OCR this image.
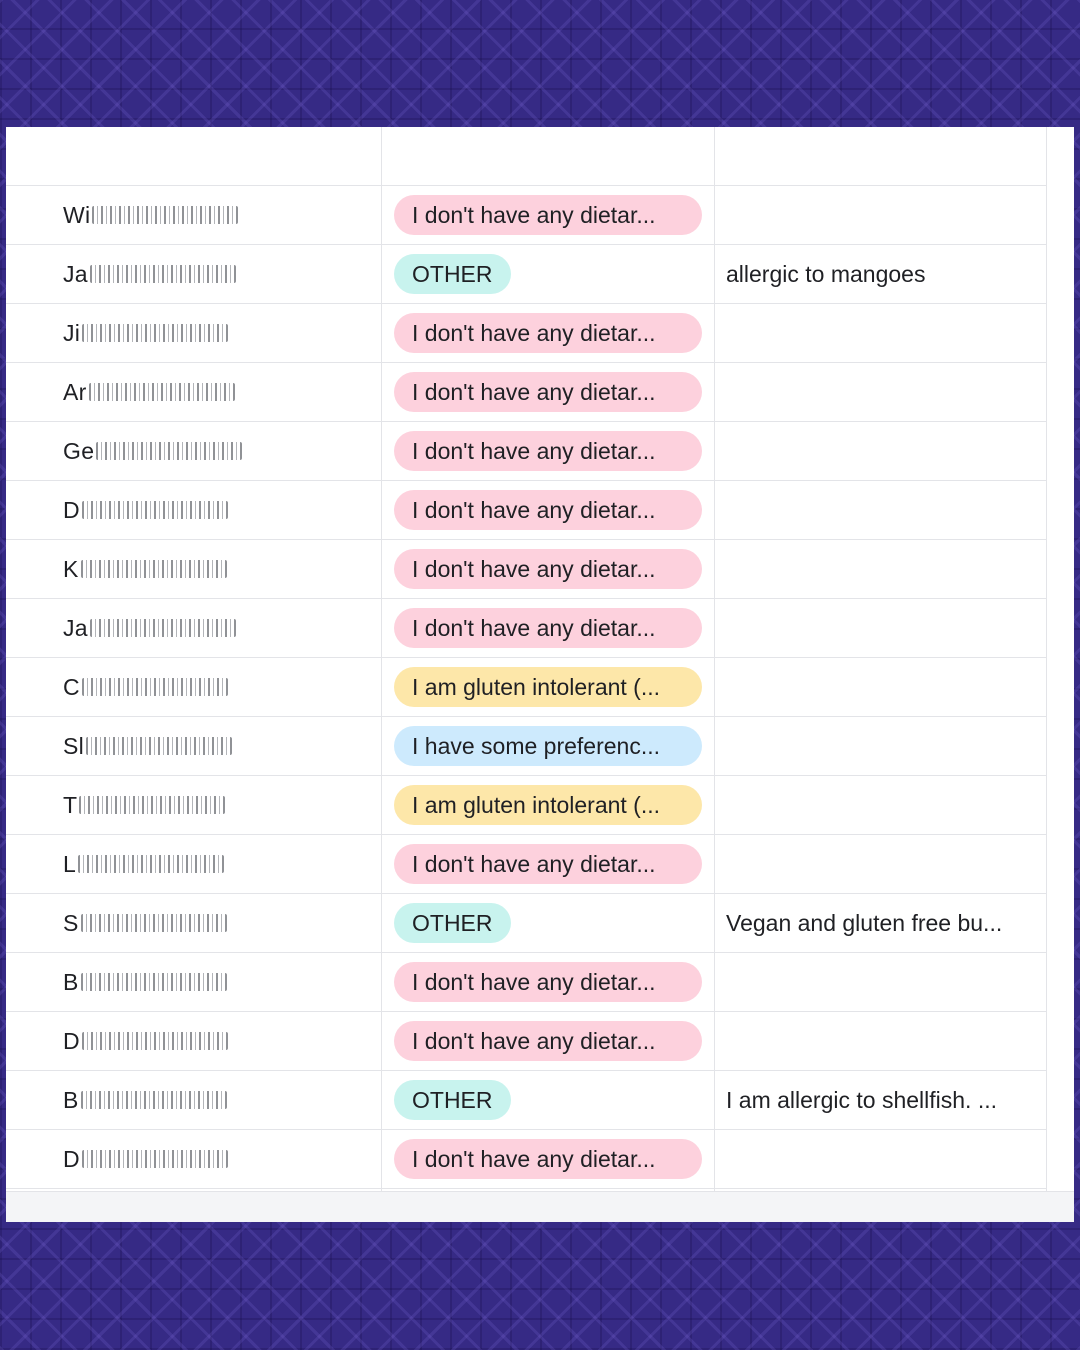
Wi	I don't have any dietar...
Ja	OTHER	allergic to mangoes
Ji	I don't have any dietar...
Ar	I don't have any dietar...
Ge	I don't have any dietar...
D	I don't have any dietar...
K	I don't have any dietar...
Ja	I don't have any dietar...
C	I am gluten intolerant (...
Sl	I have some preferenc...
T	I am gluten intolerant (...
L	I don't have any dietar...
S	OTHER	Vegan and gluten free bu...
B	I don't have any dietar...
D	I don't have any dietar...
B	OTHER	I am allergic to shellfish. ...
D	I don't have any dietar...
